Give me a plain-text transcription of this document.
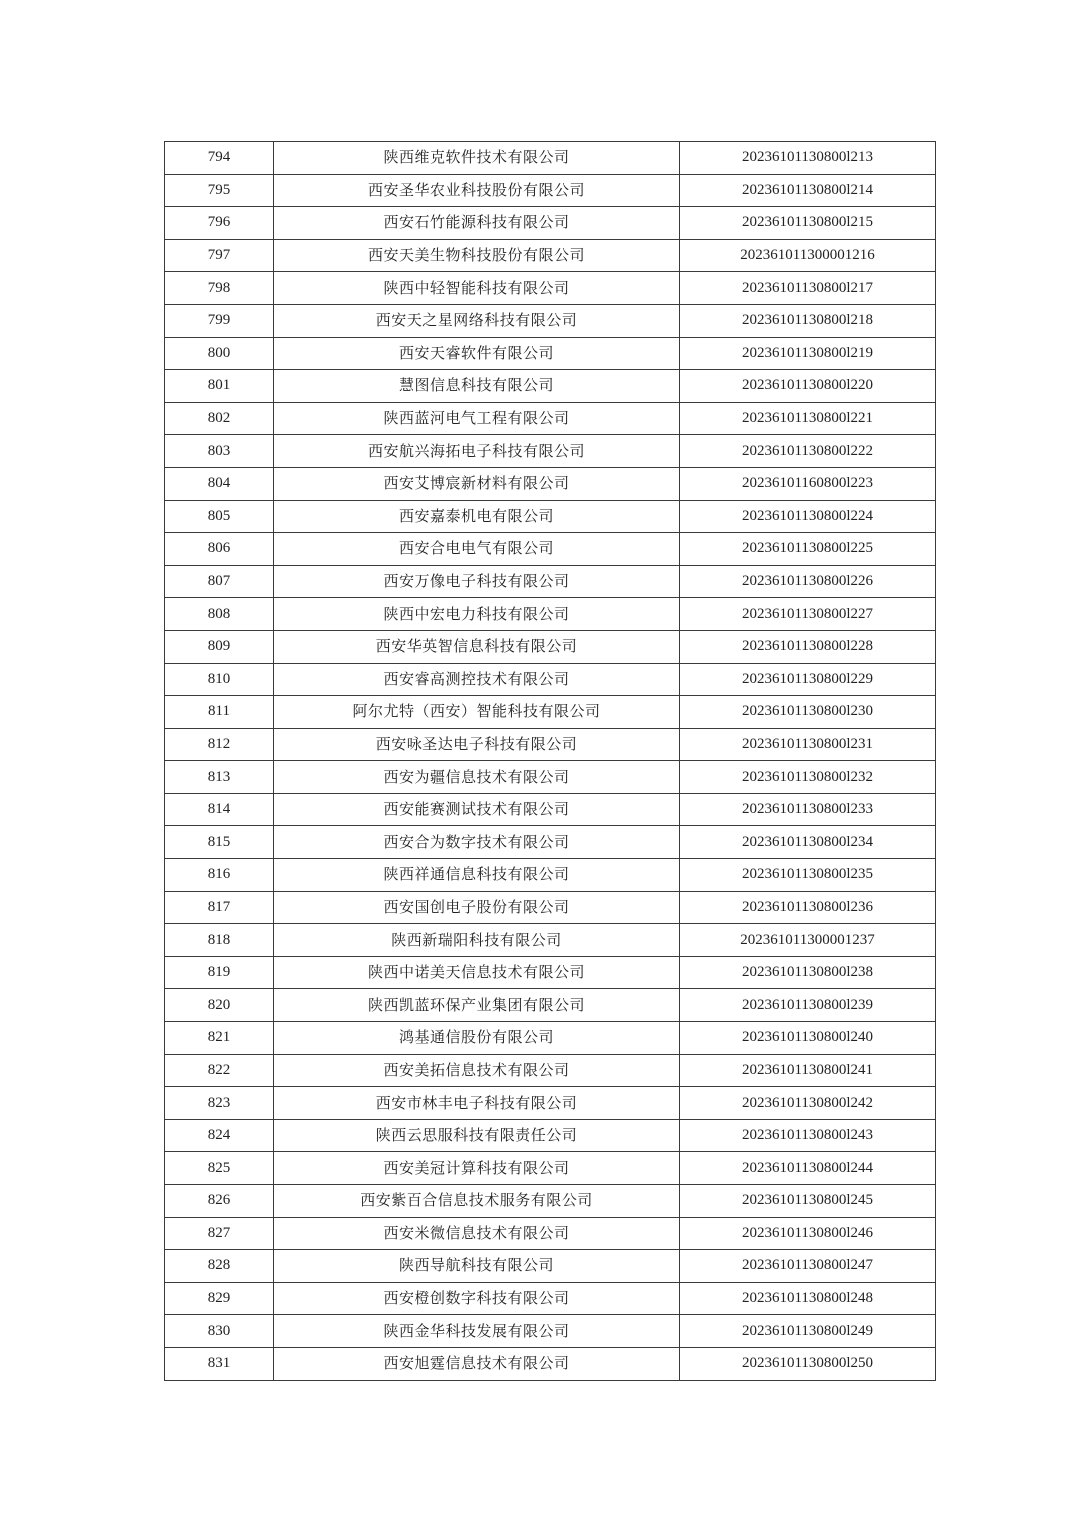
794	陕西维克软件技术有限公司	20236101130800l213
795	西安圣华农业科技股份有限公司	20236101130800l214
796	西安石竹能源科技有限公司	20236101130800l215
797	西安天美生物科技股份有限公司	202361011300001216
798	陕西中轻智能科技有限公司	20236101130800l217
799	西安天之星网络科技有限公司	20236101130800l218
800	西安天睿软件有限公司	20236101130800l219
801	慧图信息科技有限公司	20236101130800l220
802	陕西蓝河电气工程有限公司	20236101130800l221
803	西安航兴海拓电子科技有限公司	20236101130800l222
804	西安艾博宸新材料有限公司	20236101160800l223
805	西安嘉泰机电有限公司	20236101130800l224
806	西安合电电气有限公司	20236101130800l225
807	西安万像电子科技有限公司	20236101130800l226
808	陕西中宏电力科技有限公司	20236101130800l227
809	西安华英智信息科技有限公司	20236101130800l228
810	西安睿高测控技术有限公司	20236101130800l229
811	阿尔尤特（西安）智能科技有限公司	20236101130800l230
812	西安咏圣达电子科技有限公司	20236101130800l231
813	西安为疆信息技术有限公司	20236101130800l232
814	西安能赛测试技术有限公司	20236101130800l233
815	西安合为数字技术有限公司	20236101130800l234
816	陕西祥通信息科技有限公司	20236101130800l235
817	西安国创电子股份有限公司	20236101130800l236
818	陕西新瑞阳科技有限公司	202361011300001237
819	陕西中诺美天信息技术有限公司	20236101130800l238
820	陕西凯蓝环保产业集团有限公司	20236101130800l239
821	鸿基通信股份有限公司	20236101130800l240
822	西安美拓信息技术有限公司	20236101130800l241
823	西安市林丰电子科技有限公司	20236101130800l242
824	陕西云思服科技有限责任公司	20236101130800l243
825	西安美冠计算科技有限公司	20236101130800l244
826	西安紫百合信息技术服务有限公司	20236101130800l245
827	西安米微信息技术有限公司	20236101130800l246
828	陕西导航科技有限公司	20236101130800l247
829	西安橙创数字科技有限公司	20236101130800l248
830	陕西金华科技发展有限公司	20236101130800l249
831	西安旭霆信息技术有限公司	20236101130800l250
